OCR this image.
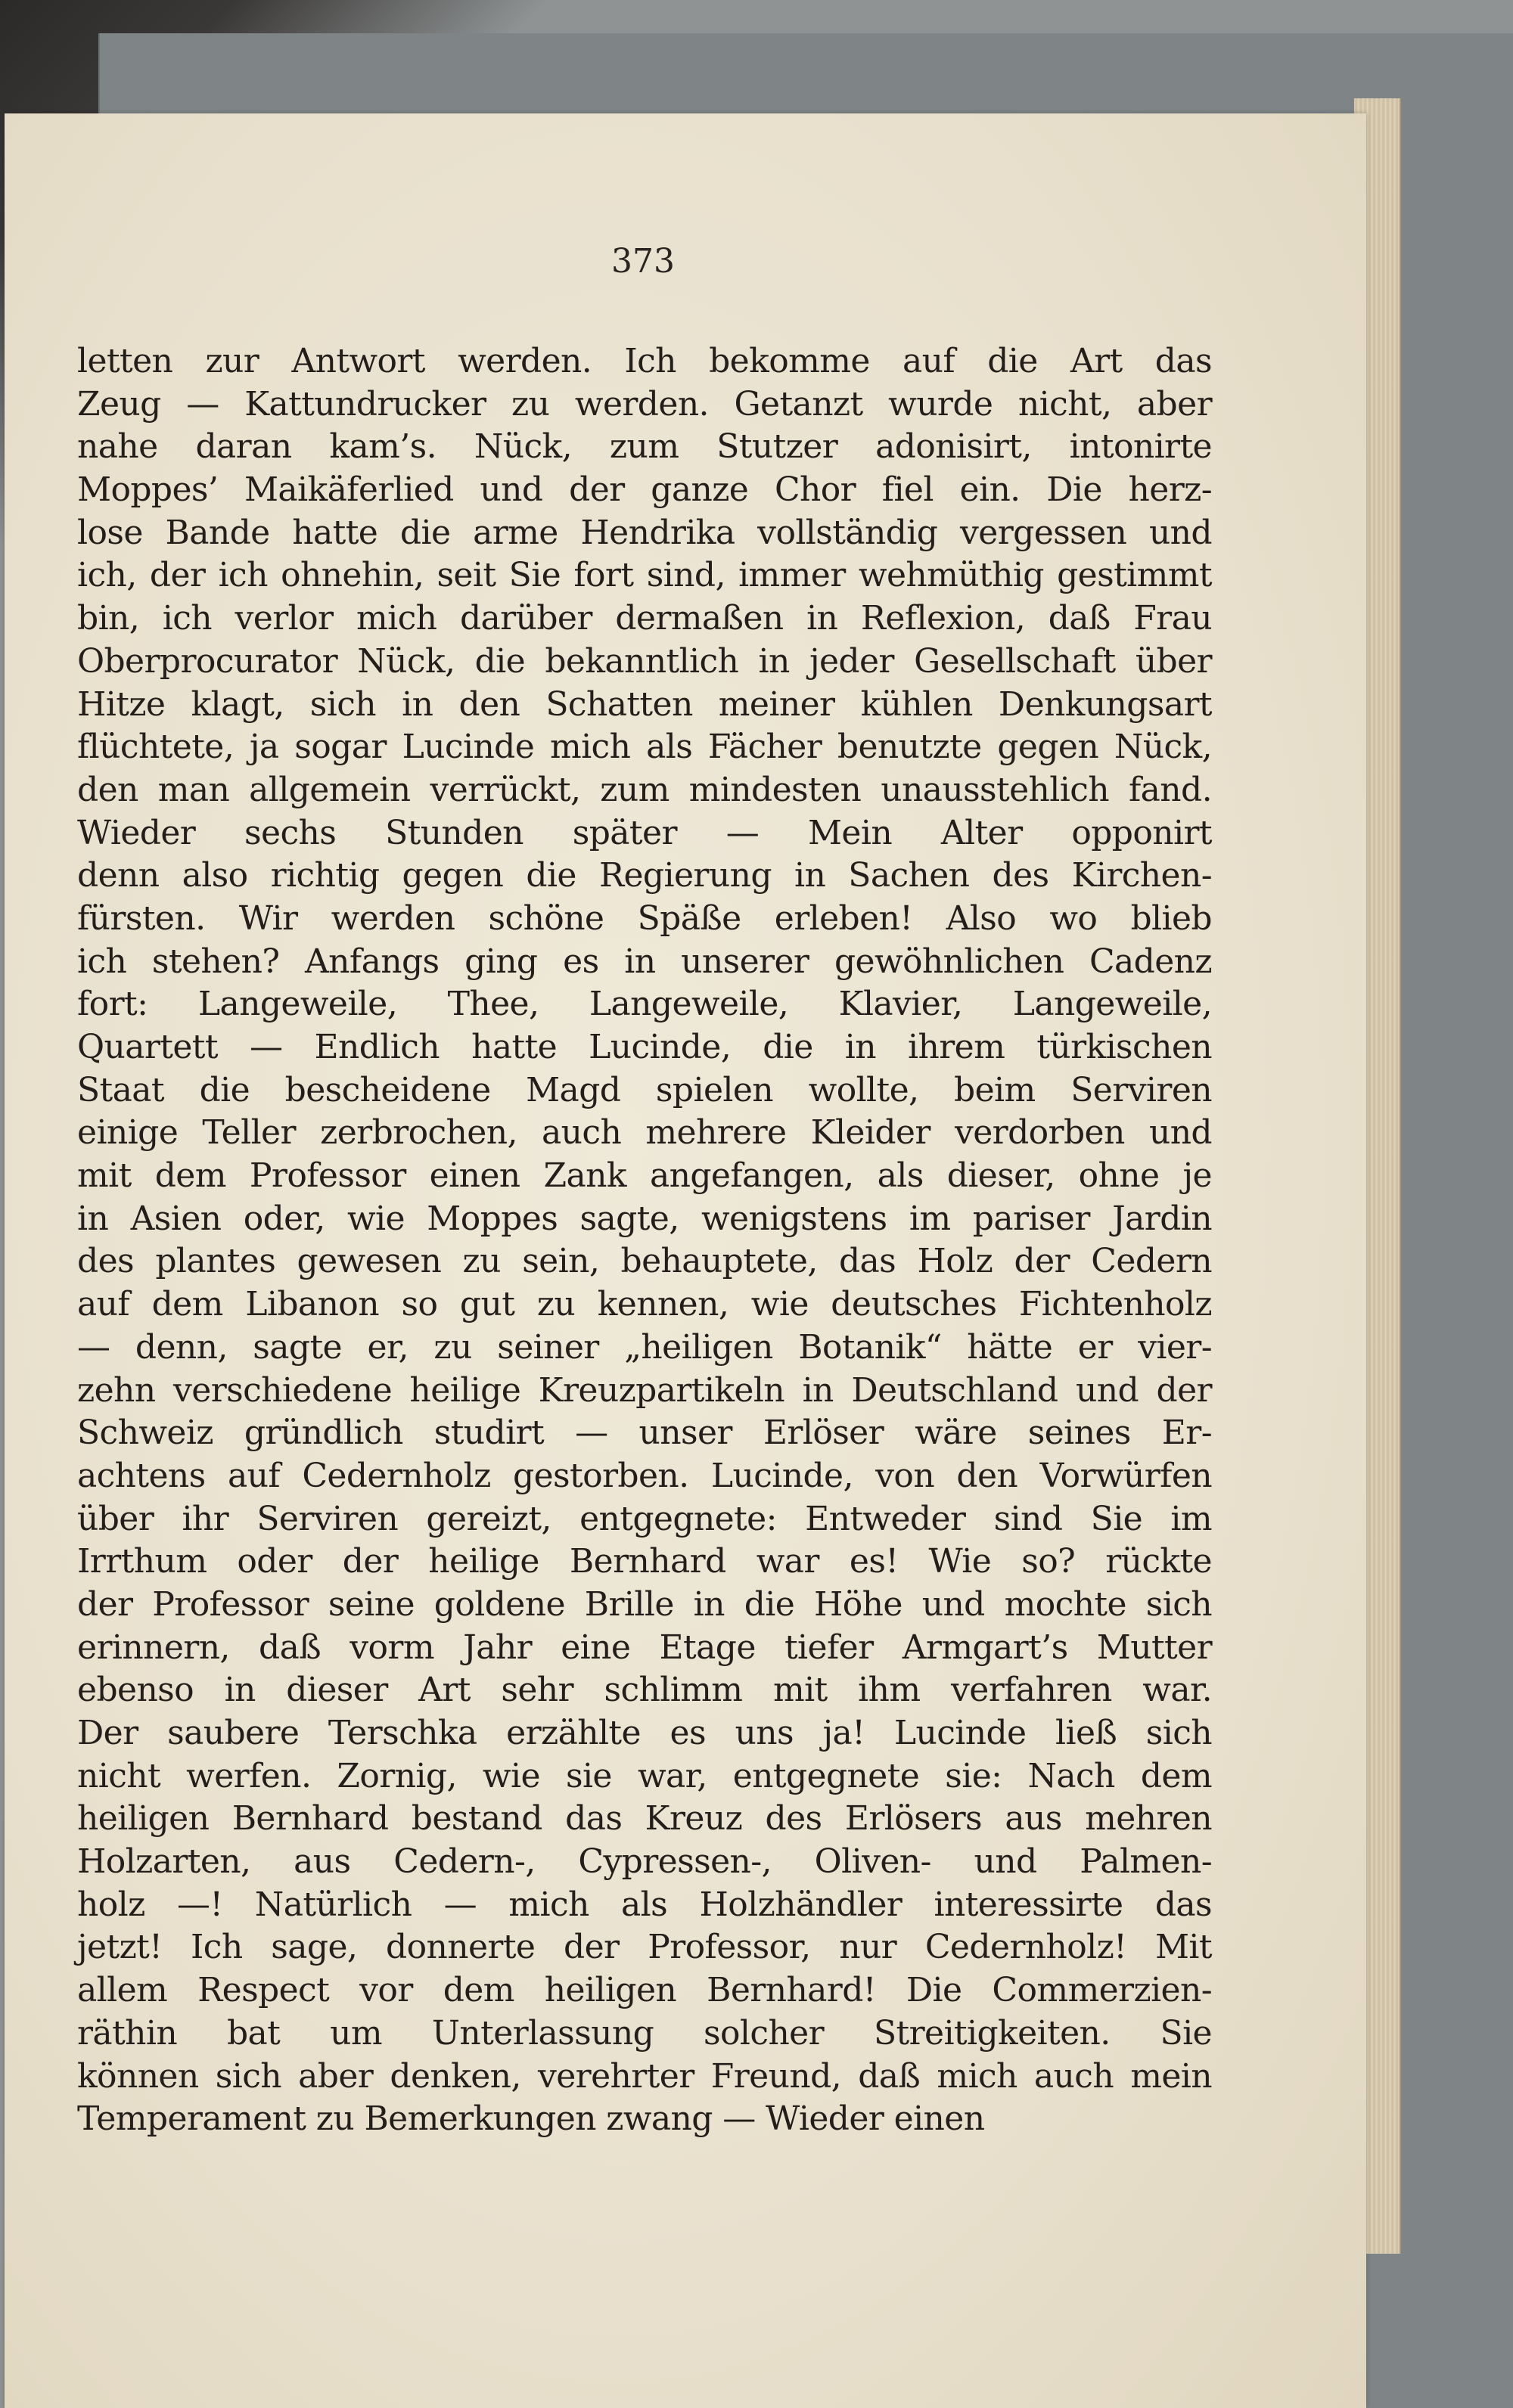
373
letten zur Antwort werden. Ich bekomme auf die Art das
Zeug — Kattundrucker zu werden. Getanzt wurde nicht, aber
nahe daran kam’s. Nück, zum Stutzer adonisirt, intonirte
Moppes’ Maikäferlied und der ganze Chor fiel ein. Die herz-
lose Bande hatte die arme Hendrika vollständig vergessen und
ich, der ich ohnehin, seit Sie fort sind, immer wehmüthig gestimmt
bin, ich verlor mich darüber dermaßen in Reflexion, daß Frau
Oberprocurator Nück, die bekanntlich in jeder Gesellschaft über
Hitze klagt, sich in den Schatten meiner kühlen Denkungsart
flüchtete, ja sogar Lucinde mich als Fächer benutzte gegen Nück,
den man allgemein verrückt, zum mindesten unausstehlich fand.
Wieder sechs Stunden später — Mein Alter opponirt
denn also richtig gegen die Regierung in Sachen des Kirchen-
fürsten. Wir werden schöne Späße erleben! Also wo blieb
ich stehen? Anfangs ging es in unserer gewöhnlichen Cadenz
fort: Langeweile, Thee, Langeweile, Klavier, Langeweile,
Quartett — Endlich hatte Lucinde, die in ihrem türkischen
Staat die bescheidene Magd spielen wollte, beim Serviren
einige Teller zerbrochen, auch mehrere Kleider verdorben und
mit dem Professor einen Zank angefangen, als dieser, ohne je
in Asien oder, wie Moppes sagte, wenigstens im pariser Jardin
des plantes gewesen zu sein, behauptete, das Holz der Cedern
auf dem Libanon so gut zu kennen, wie deutsches Fichtenholz
— denn, sagte er, zu seiner „heiligen Botanik“ hätte er vier-
zehn verschiedene heilige Kreuzpartikeln in Deutschland und der
Schweiz gründlich studirt — unser Erlöser wäre seines Er-
achtens auf Cedernholz gestorben. Lucinde, von den Vorwürfen
über ihr Serviren gereizt, entgegnete: Entweder sind Sie im
Irrthum oder der heilige Bernhard war es! Wie so? rückte
der Professor seine goldene Brille in die Höhe und mochte sich
erinnern, daß vorm Jahr eine Etage tiefer Armgart’s Mutter
ebenso in dieser Art sehr schlimm mit ihm verfahren war.
Der saubere Terschka erzählte es uns ja! Lucinde ließ sich
nicht werfen. Zornig, wie sie war, entgegnete sie: Nach dem
heiligen Bernhard bestand das Kreuz des Erlösers aus mehren
Holzarten, aus Cedern-, Cypressen-, Oliven- und Palmen-
holz —! Natürlich — mich als Holzhändler interessirte das
jetzt! Ich sage, donnerte der Professor, nur Cedernholz! Mit
allem Respect vor dem heiligen Bernhard! Die Commerzien-
räthin bat um Unterlassung solcher Streitigkeiten. Sie
können sich aber denken, verehrter Freund, daß mich auch mein
Temperament zu Bemerkungen zwang — Wieder einen
